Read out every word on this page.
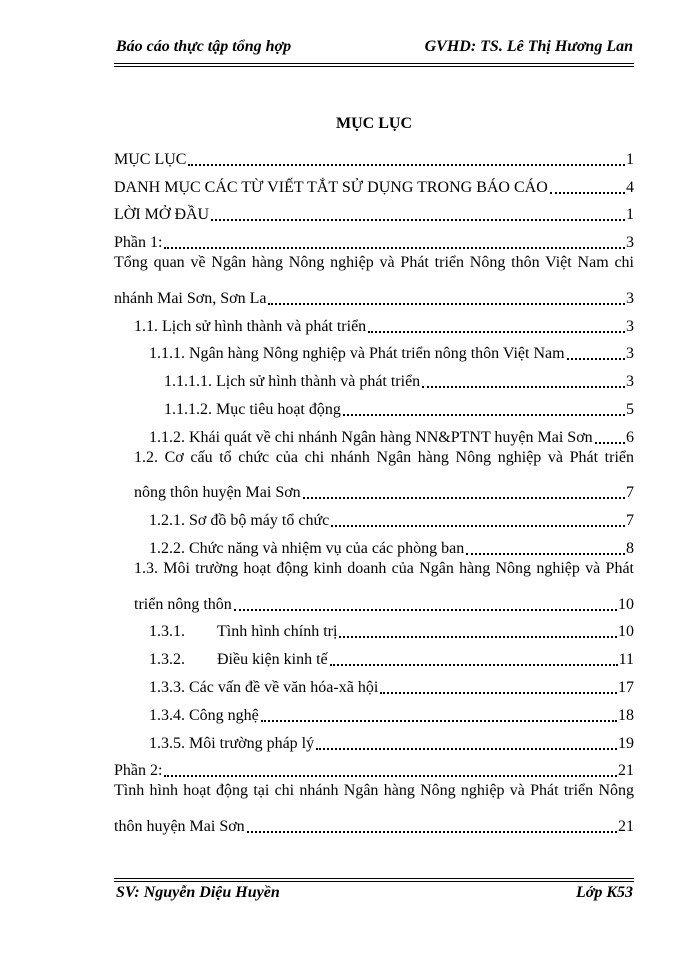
Báo cáo thực tập tổng hợp	GVHD: TS. Lê Thị Hương Lan
MỤC LỤC
MỤC LỤC	1
DANH MỤC CÁC TỪ VIẾT TẮT SỬ DỤNG TRONG BÁO CÁO	4
LỜI MỞ ĐẦU	1
Phần 1:	3
Tổng quan về Ngân hàng Nông nghiệp và Phát triển Nông thôn Việt Nam chi
nhánh Mai Sơn, Sơn La	3
1.1. Lịch sử hình thành và phát triển	3
1.1.1. Ngân hàng Nông nghiệp và Phát triển nông thôn Việt Nam	3
1.1.1.1. Lịch sử hình thành và phát triển	3
1.1.1.2. Mục tiêu hoạt động	5
1.1.2. Khái quát về chi nhánh Ngân hàng NN&PTNT huyện Mai Sơn 6
1.2. Cơ cấu tổ chức của chi nhánh Ngân hàng Nông nghiệp và Phát triển
nông thôn huyện Mai Sơn	7
1.2.1. Sơ đồ bộ máy tổ chức	7
1.2.2. Chức năng và nhiệm vụ của các phòng ban	8
1.3. Môi trường hoạt động kinh doanh của Ngân hàng Nông nghiệp và Phát
triển nông thôn	10
1.3.1. Tình hình chính trị	10
1.3.2. Điều kiện kinh tế	11
1.3.3. Các vấn đề về văn hóa-xã hội	17
1.3.4. Công nghệ	18
1.3.5. Môi trường pháp lý	19
Phần 2:	21
Tình hình hoạt động tại chi nhánh Ngân hàng Nông nghiệp và Phát triển Nông
thôn huyện Mai Sơn	21
SV: Nguyễn Diệu Huyền	Lớp K53
